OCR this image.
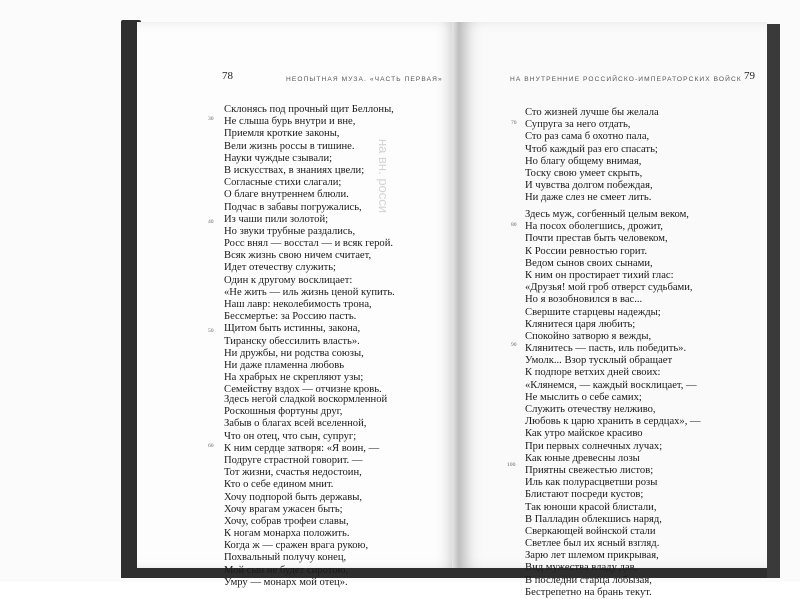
на вн. росси
78	НЕОПЫТНАЯ МУЗА. «ЧАСТЬ ПЕРВАЯ»
30
40
50
60
Склонясь под прочный щит Беллоны,
Не слыша бурь внутри и вне,
Приемля кроткие законы,
Вели жизнь россы в тишине.
Науки чуждые сзывали;
В искусствах, в знаниях цвели;
Согласные стихи слагали;
О благе внутреннем блюли.
Подчас в забавы погружались,
Из чаши пили золотой;
Но звуки трубные раздались,
Росс внял — восстал — и всяк герой.
Всяк жизнь свою ничем считает,
Идет отечеству служить;
Один к другому восклицает:
«Не жить — иль жизнь ценой купить.
Наш лавр: неколебимость трона,
Бессмертье: за Россию пасть.
Щитом быть истинны, закона,
Тиранску обессилить власть».
Ни дружбы, ни родства союзы,
Ни даже пламенна любовь
На храбрых не скрепляют узы;
Семейству вздох — отчизне кровь.
Здесь негой сладкой воскормленной
Роскошныя фортуны друг,
Забыв о благах всей вселенной,
Что он отец, что сын, супруг;
К ним сердце затворя: «Я воин, —
Подруге страстной говорит. —
Тот жизни, счастья недостоин,
Кто о себе едином мнит.
Хочу подпорой быть державы,
Хочу врагам ужасен быть;
Хочу, собрав трофеи славы,
К ногам монарха положить.
Когда ж — сражен врага рукою,
Похвальный получу конец,
Мой сын не будет сиротою,
Умру — монарх мой отец».
НА ВНУТРЕННИЕ РОССИЙСКО-ИМПЕРАТОРСКИХ ВОЙСК 79
70
80
90
100
Сто жизней лучше бы желала
Супруга за него отдать,
Сто раз сама б охотно пала,
Чтоб каждый раз его спасать;
Но благу общему внимая,
Тоску свою умеет скрыть,
И чувства долгом побеждая,
Ни даже слез не смеет лить.
Здесь муж, согбенный целым веком,
На посох оболегшись, дрожит,
Почти престав быть человеком,
К России ревностью горит.
Ведом сынов своих сынами,
К ним он простирает тихий глас:
«Друзья! мой гроб отверст судьбами,
Но я возобновился в вас...
Свершите старцевы надежды;
Клянитеся царя любить;
Спокойно затворю я вежды,
Клянитесь — пасть, иль победить».
Умолк... Взор тусклый обращает
К подпоре ветхих дней своих:
«Клянемся, — каждый восклицает, —
Не мыслить о себе самих;
Служить отечеству нелживо,
Любовь к царю хранить в сердцах», —
Как утро майское красиво
При первых солнечных лучах;
Как юные древесны лозы
Приятны свежестью листов;
Иль как полурасцветши розы
Блистают посреди кустов;
Так юноши красой блистали,
В Палладин облекшись наряд,
Сверкающей войнской стали
Светлее был их ясный взгляд.
Зарю лет шлемом прикрывая,
Вид мужества владу дав,
В последни старца лобызая,
Бестрепетно на брань текут.
